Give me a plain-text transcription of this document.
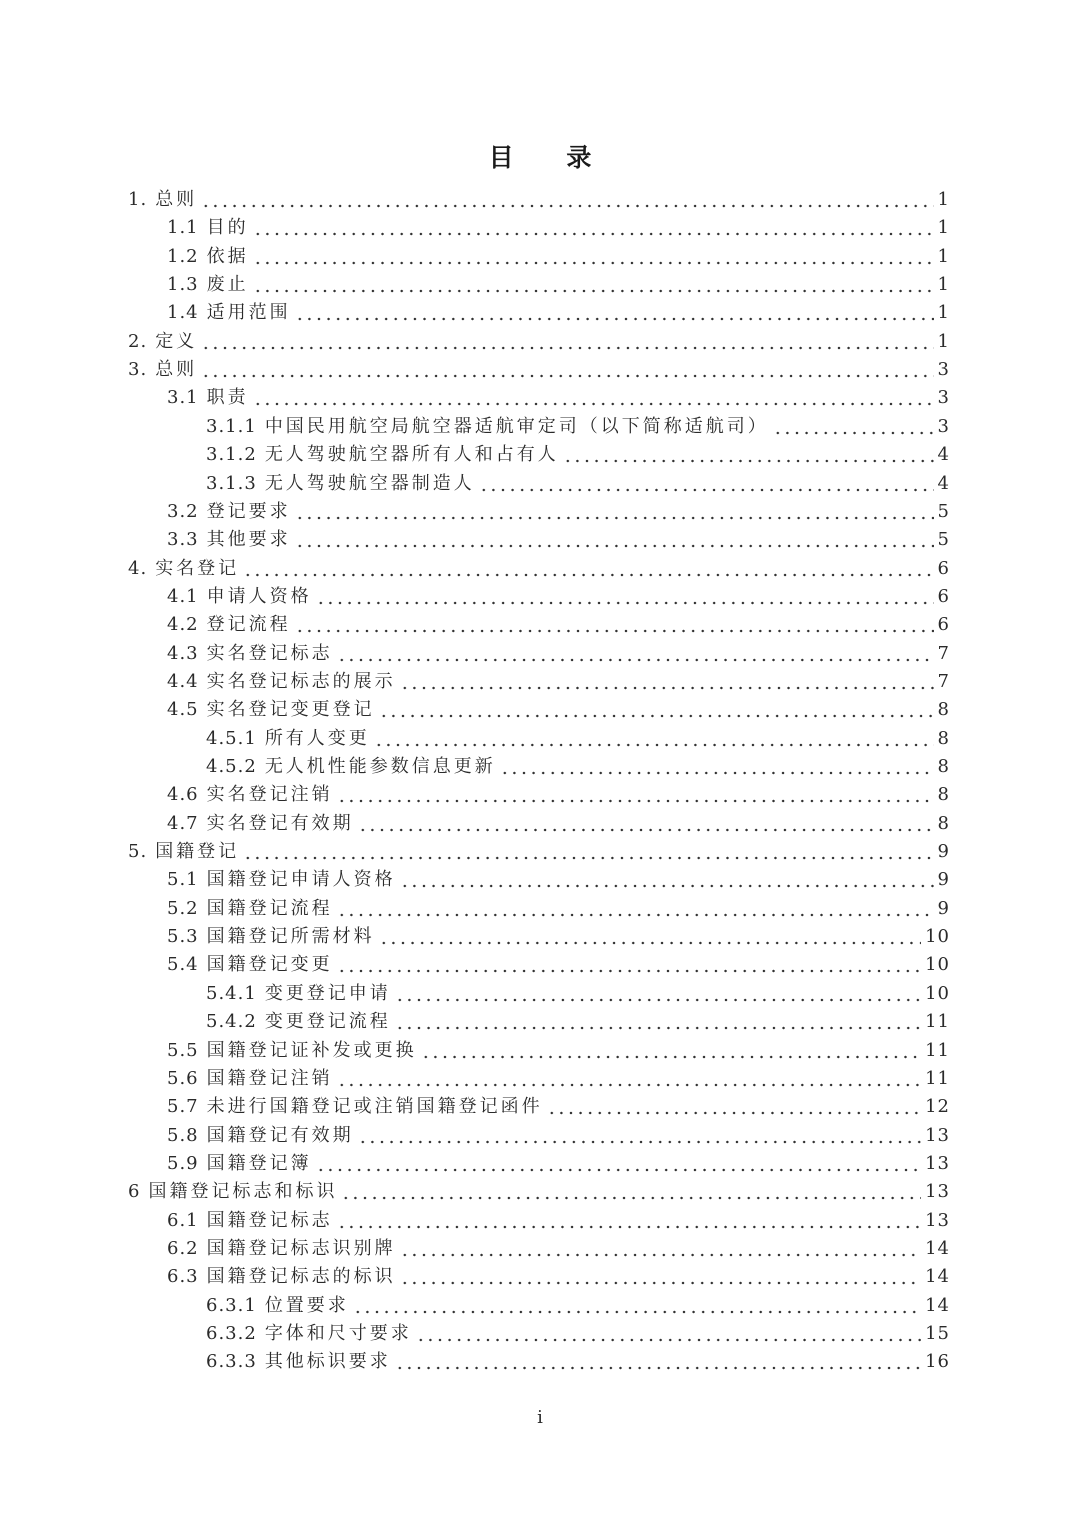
目 录
1. 总则	1
1.1 目的	1
1.2 依据	1
1.3 废止	1
1.4 适用范围	1
2. 定义	1
3. 总则	3
3.1 职责	3
3.1.1 中国民用航空局航空器适航审定司（以下简称适航司）	3
3.1.2 无人驾驶航空器所有人和占有人	4
3.1.3 无人驾驶航空器制造人	4
3.2 登记要求	5
3.3 其他要求	5
4. 实名登记	6
4.1 申请人资格	6
4.2 登记流程	6
4.3 实名登记标志	7
4.4 实名登记标志的展示	7
4.5 实名登记变更登记	8
4.5.1 所有人变更	8
4.5.2 无人机性能参数信息更新	8
4.6 实名登记注销	8
4.7 实名登记有效期	8
5. 国籍登记	9
5.1 国籍登记申请人资格	9
5.2 国籍登记流程	9
5.3 国籍登记所需材料	10
5.4 国籍登记变更	10
5.4.1 变更登记申请	10
5.4.2 变更登记流程	11
5.5 国籍登记证补发或更换	11
5.6 国籍登记注销	11
5.7 未进行国籍登记或注销国籍登记函件	12
5.8 国籍登记有效期	13
5.9 国籍登记簿	13
6 国籍登记标志和标识	13
6.1 国籍登记标志	13
6.2 国籍登记标志识别牌	14
6.3 国籍登记标志的标识	14
6.3.1 位置要求	14
6.3.2 字体和尺寸要求	15
6.3.3 其他标识要求	16
i
